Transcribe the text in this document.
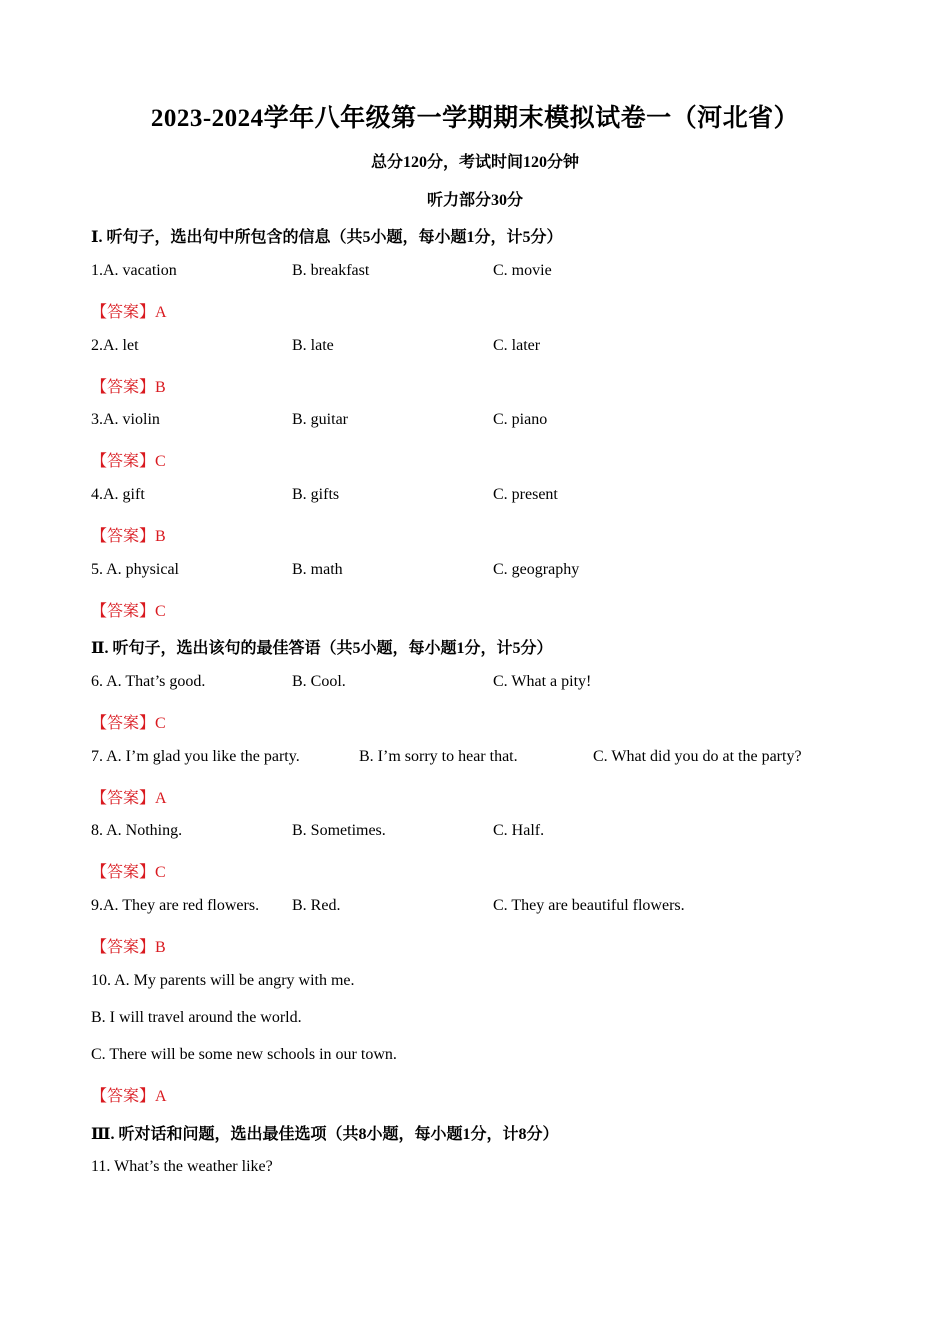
2023-2024学年八年级第一学期期末模拟试卷一（河北省）
总分120分，考试时间120分钟
听力部分30分
Ⅰ. 听句子，选出句中所包含的信息（共5小题，每小题1分，计5分）
1.A. vacation	B. breakfast	C. movie
【答案】A
2.A. let	B. late	C. later
【答案】B
3.A. violin	B. guitar	C. piano
【答案】C
4.A. gift	B. gifts	C. present
【答案】B
5. A. physical	B. math	C. geography
【答案】C
Ⅱ. 听句子，选出该句的最佳答语（共5小题，每小题1分，计5分）
6. A. That’s good.	B. Cool.	C. What a pity!
【答案】C
7. A. I’m glad you like the party.	B. I’m sorry to hear that.	C. What did you do at the party?
【答案】A
8. A. Nothing.	B. Sometimes.	C. Half.
【答案】C
9.A. They are red flowers. B. Red.	C. They are beautiful flowers.
【答案】B
10. A. My parents will be angry with me.
B. I will travel around the world.
C. There will be some new schools in our town.
【答案】A
Ⅲ. 听对话和问题，选出最佳选项（共8小题，每小题1分，计8分）
11. What’s the weather like?
